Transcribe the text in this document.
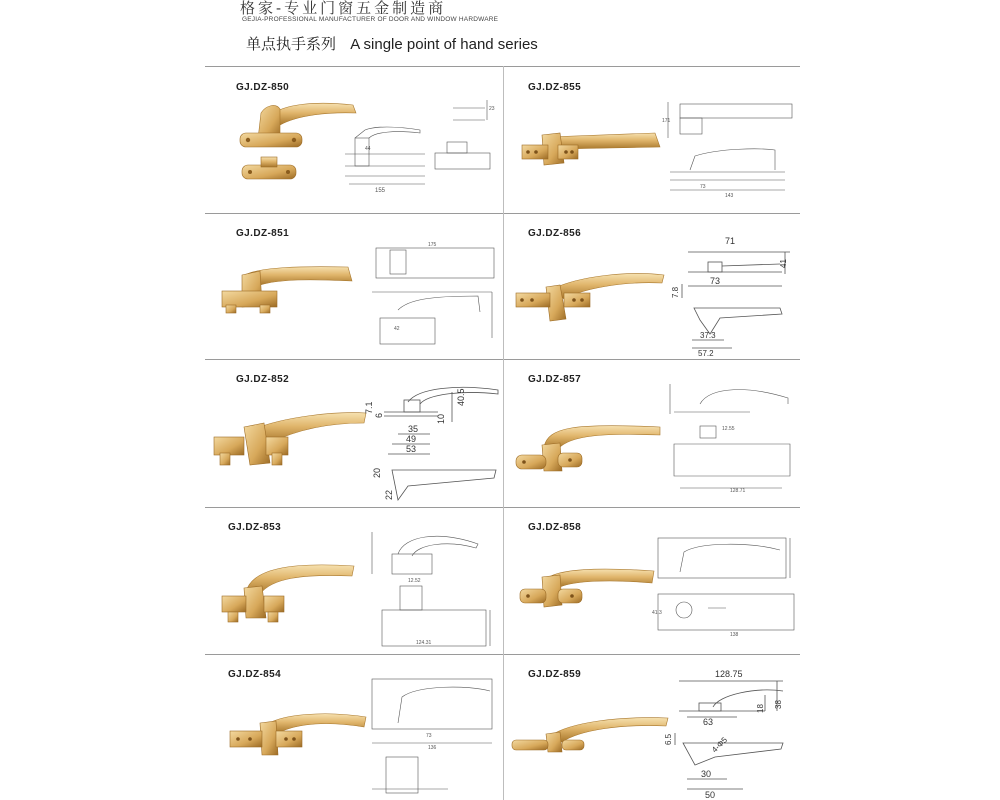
格家-专业门窗五金制造商
GEJIA-PROFESSIONAL MANUFACTURER OF DOOR AND WINDOW HARDWARE
单点执手系列 A single point of hand series
GJ.DZ-850
155
44
23
GJ.DZ-855
143
73
171
GJ.DZ-851
175
42
GJ.DZ-856
71
41
73
7.8
37.3
57.2
GJ.DZ-852
7.1
6
40.5
35
49
53
10
20
22
GJ.DZ-857
12.55
128.71
GJ.DZ-853
12.52
124.31
GJ.DZ-858
138
41.3
GJ.DZ-854
73
136
GJ.DZ-859	128.75
63
18 38
6.5	4-Φ5
30
50
